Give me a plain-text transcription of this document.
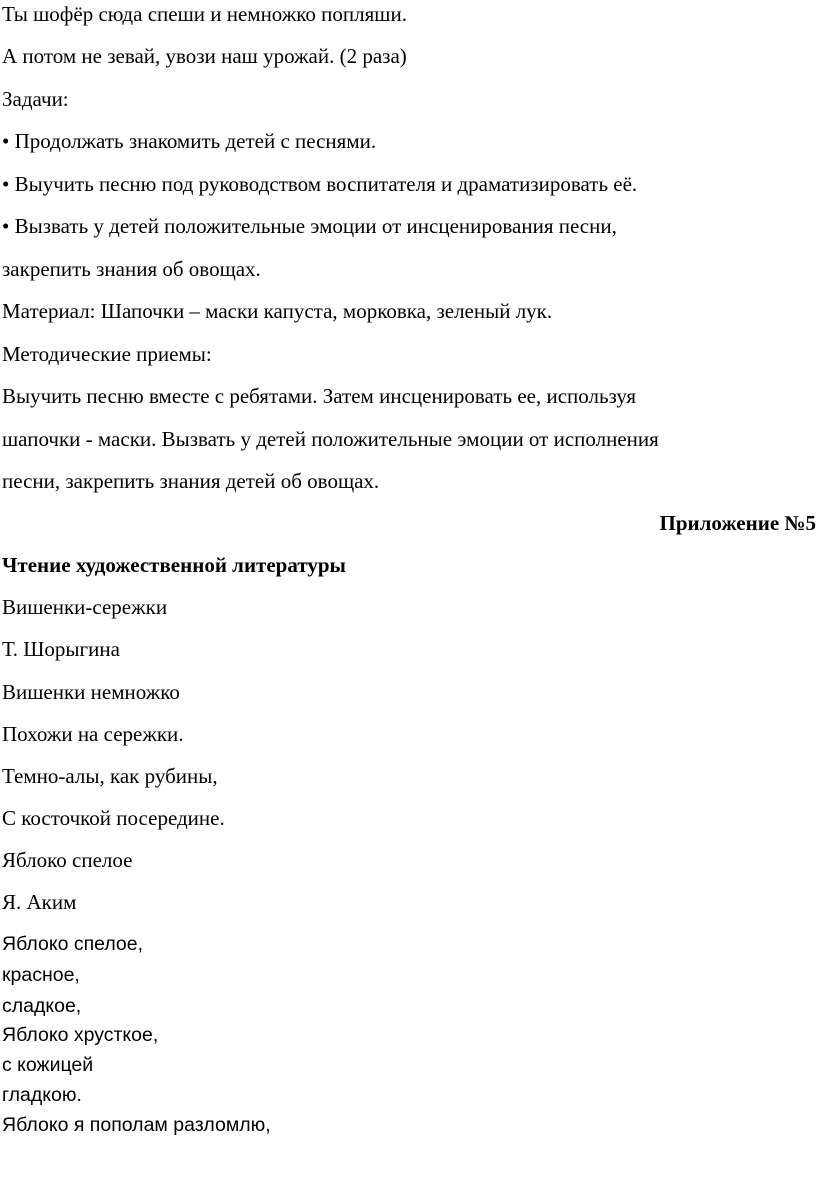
Ты шофёр сюда спеши и немножко попляши.

А потом не зевай, увози наш урожай. (2 раза)

Задачи:

• Продолжать знакомить детей с песнями.

• Выучить песню под руководством воспитателя и драматизировать её.

• Вызвать у детей положительные эмоции от инсценирования песни,

закрепить знания об овощах.

Материал: Шапочки – маски капуста, морковка, зеленый лук.

Методические приемы:

Выучить песню вместе с ребятами. Затем инсценировать ее, используя

шапочки - маски. Вызвать у детей положительные эмоции от исполнения

песни, закрепить знания детей об овощах.

Приложение №5

Чтение художественной литературы

Вишенки-сережки

Т. Шорыгина

Вишенки немножко

Похожи на сережки.

Темно-алы, как рубины,

С косточкой посередине.

Яблоко спелое

Я. Аким

Яблоко спелое,

красное,

сладкое,

Яблоко хрусткое,

с кожицей

гладкою.

Яблоко я пополам разломлю,
